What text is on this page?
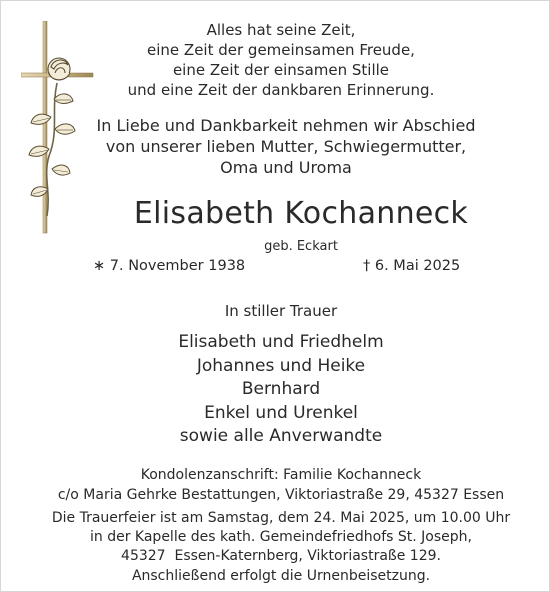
Alles hat seine Zeit,
eine Zeit der gemeinsamen Freude,
eine Zeit der einsamen Stille
und eine Zeit der dankbaren Erinnerung.
In Liebe und Dankbarkeit nehmen wir Abschied
von unserer lieben Mutter, Schwiegermutter,
Oma und Uroma
Elisabeth Kochanneck
geb. Eckart
∗ 7. November 1938	† 6. Mai 2025
In stiller Trauer
Elisabeth und Friedhelm
Johannes und Heike
Bernhard
Enkel und Urenkel
sowie alle Anverwandte
Kondolenzanschrift: Familie Kochanneck
c/o Maria Gehrke Bestattungen, Viktoriastraße 29, 45327 Essen
Die Trauerfeier ist am Samstag, dem 24. Mai 2025, um 10.00 Uhr
in der Kapelle des kath. Gemeindefriedhofs St. Joseph,
45327  Essen-Katernberg, Viktoriastraße 129.
Anschließend erfolgt die Urnenbeisetzung.
